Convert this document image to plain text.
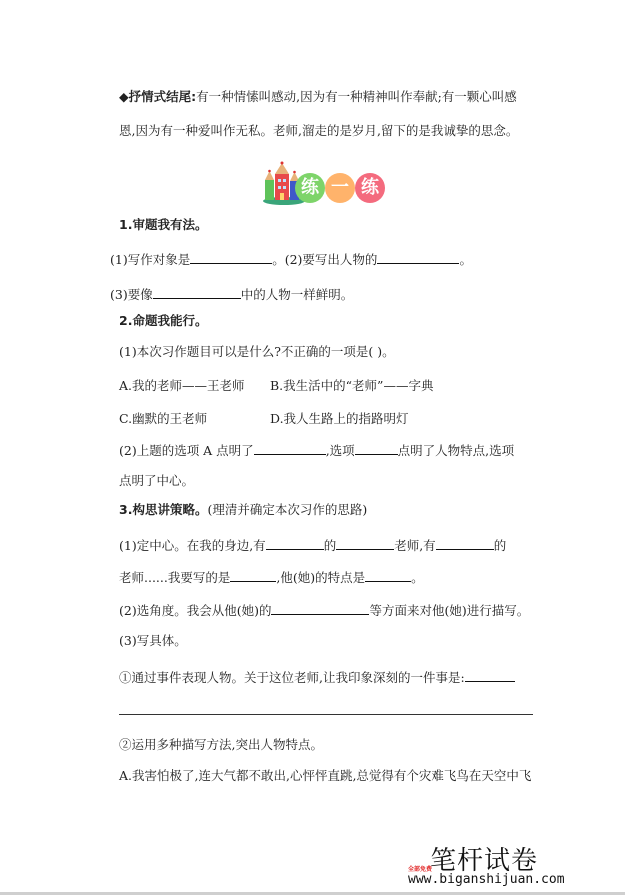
◆抒情式结尾:有一种情愫叫感动,因为有一种精神叫作奉献;有一颗心叫感
恩,因为有一种爱叫作无私。老师,溜走的是岁月,留下的是我诚挚的思念。
练 一 练
1.审题我有法。
(1)写作对象是	。(2)要写出人物的	。
(3)要像	中的人物一样鲜明。
2.命题我能行。
(1)本次习作题目可以是什么?不正确的一项是( )。
A.我的老师——王老师 B.我生活中的“老师”——字典
C.幽默的王老师	D.我人生路上的指路明灯
(2)上题的选项 A 点明了	,选项	点明了人物特点,选项
点明了中心。
3.构思讲策略。(理清并确定本次习作的思路)
(1)定中心。在我的身边,有	的	老师,有	的
老师......我要写的是	,他(她)的特点是	。
(2)选角度。我会从他(她)的	等方面来对他(她)进行描写。
(3)写具体。
①通过事件表现人物。关于这位老师,让我印象深刻的一件事是:
②运用多种描写方法,突出人物特点。
A.我害怕极了,连大气都不敢出,心怦怦直跳,总觉得有个灾难飞鸟在天空中飞
笔杆试卷
全部免费
www.biganshijuan.com
